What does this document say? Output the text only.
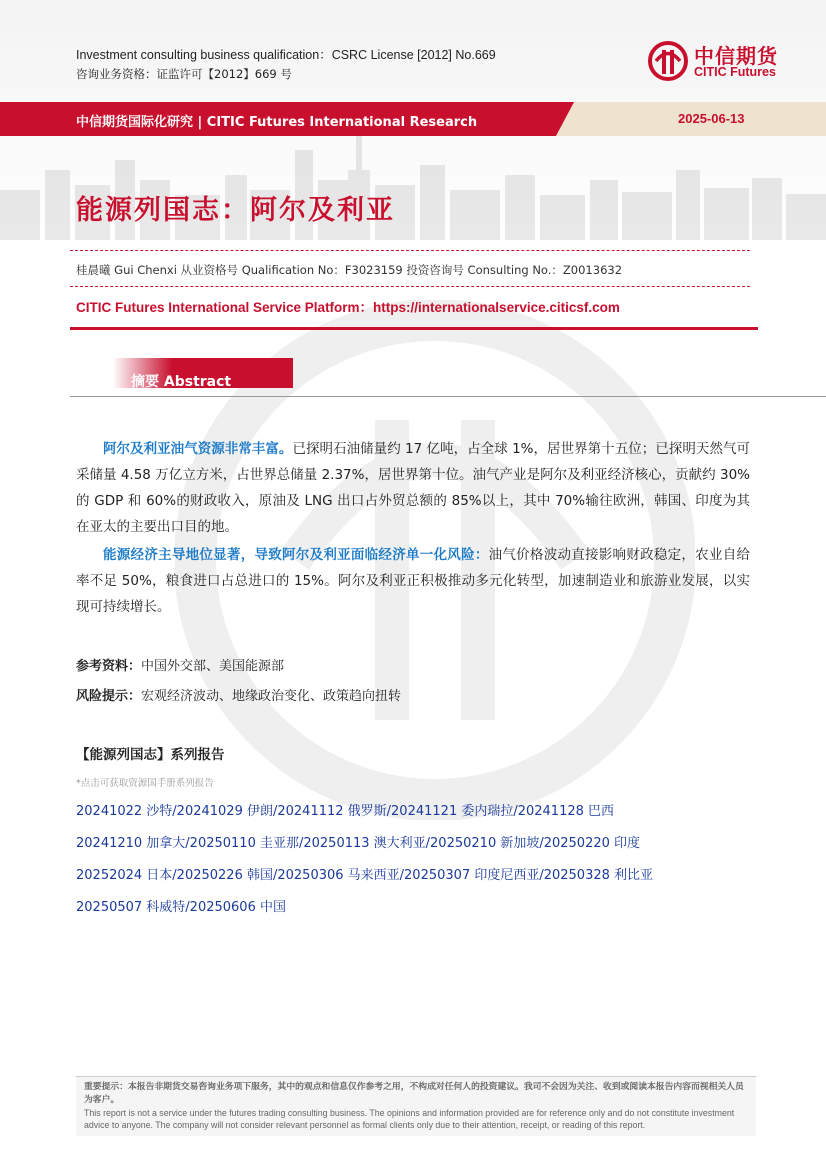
Investment consulting business qualification：CSRC License [2012] No.669
咨询业务资格：证监许可【2012】669 号
中信期货
CITIC Futures
中信期货国际化研究 | CITIC Futures International Research	2025-06-13
能源列国志：阿尔及利亚
桂晨曦 Gui Chenxi 从业资格号 Qualification No：F3023159 投资咨询号 Consulting No.：Z0013632
CITIC Futures International Service Platform：https://internationalservice.citicsf.com
摘要 Abstract
阿尔及利亚油气资源非常丰富。已探明石油储量约 17 亿吨，占全球 1%，居世界第十五位；已探明天然气可采储量 4.58 万亿立方米，占世界总储量 2.37%，居世界第十位。油气产业是阿尔及利亚经济核心，贡献约 30%的 GDP 和 60%的财政收入，原油及 LNG 出口占外贸总额的 85%以上，其中 70%输往欧洲，韩国、印度为其在亚太的主要出口目的地。
能源经济主导地位显著，导致阿尔及利亚面临经济单一化风险：油气价格波动直接影响财政稳定，农业自给率不足 50%，粮食进口占总进口的 15%。阿尔及利亚正积极推动多元化转型，加速制造业和旅游业发展，以实现可持续增长。
参考资料：中国外交部、美国能源部
风险提示：宏观经济波动、地缘政治变化、政策趋向扭转
【能源列国志】系列报告
*点击可获取资源国手册系列报告
20241022 沙特/20241029 伊朗/20241112 俄罗斯/20241121 委内瑞拉/20241128 巴西
20241210 加拿大/20250110 圭亚那/20250113 澳大利亚/20250210 新加坡/20250220 印度
20252024 日本/20250226 韩国/20250306 马来西亚/20250307 印度尼西亚/20250328 利比亚
20250507 科威特/20250606 中国
重要提示：本报告非期货交易咨询业务项下服务，其中的观点和信息仅作参考之用，不构成对任何人的投资建议。我司不会因为关注、收到或阅读本报告内容而视相关人员为客户。
This report is not a service under the futures trading consulting business. The opinions and information provided are for reference only and do not constitute investment advice to anyone. The company will not consider relevant personnel as formal clients only due to their attention, receipt, or reading of this report.
